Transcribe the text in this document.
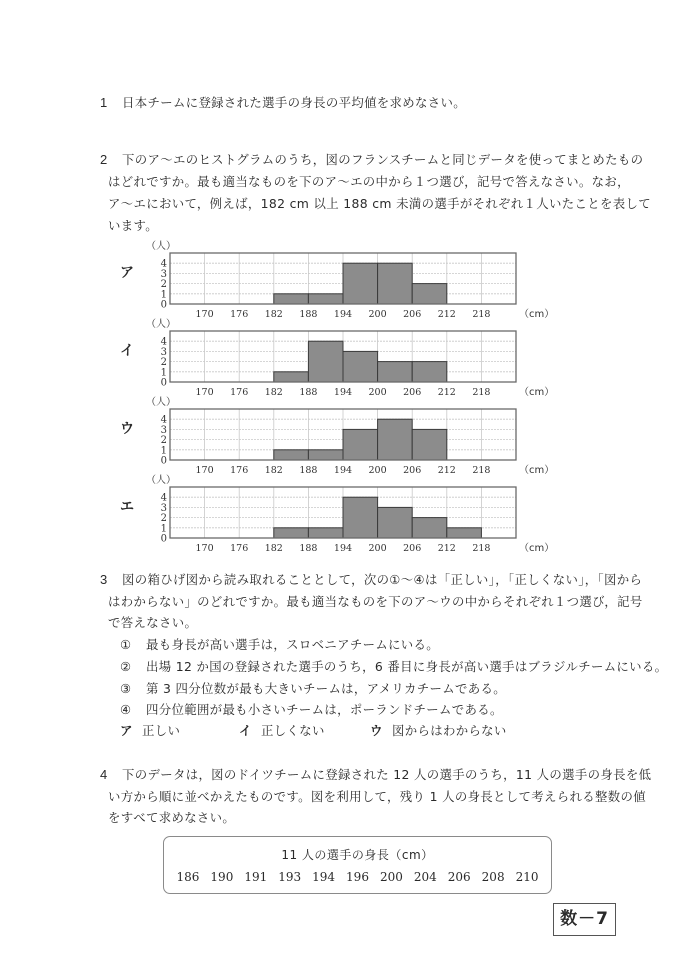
1 日本チームに登録された選手の身長の平均値を求めなさい。
2 下のア～エのヒストグラムのうち，図のフランスチームと同じデータを使ってまとめたもの
はどれですか。最も適当なものを下のア～エの中から１つ選び，記号で答えなさい。なお，
ア～エにおいて，例えば，182 cm 以上 188 cm 未満の選手がそれぞれ１人いたことを表して
います。
ア
0
1
2
3
4
170 176 182 188 194 200 206 212 218
（人）
（cm）
イ
0
1
2
3
4
170 176 182 188 194 200 206 212 218
（人）
（cm）
ウ
0
1
2
3
4
170 176 182 188 194 200 206 212 218
（人）
（cm）
エ
0
1
2
3
4
170 176 182 188 194 200 206 212 218
（人）
（cm）
3 図の箱ひげ図から読み取れることとして，次の①～④は「正しい」，「正しくない」，「図から
はわからない」のどれですか。最も適当なものを下のア～ウの中からそれぞれ１つ選び，記号
で答えなさい。
① 最も身長が高い選手は，スロベニアチームにいる。
② 出場 12 か国の登録された選手のうち，6 番目に身長が高い選手はブラジルチームにいる。
③ 第 3 四分位数が最も大きいチームは，アメリカチームである。
④ 四分位範囲が最も小さいチームは，ポーランドチームである。
ア 正しい	イ 正しくない	ウ 図からはわからない
4 下のデータは，図のドイツチームに登録された 12 人の選手のうち，11 人の選手の身長を低
い方から順に並べかえたものです。図を利用して，残り 1 人の身長として考えられる整数の値
をすべて求めなさい。
11 人の選手の身長（cm）
186 190 191 193 194 196 200 204 206 208 210
数－7
